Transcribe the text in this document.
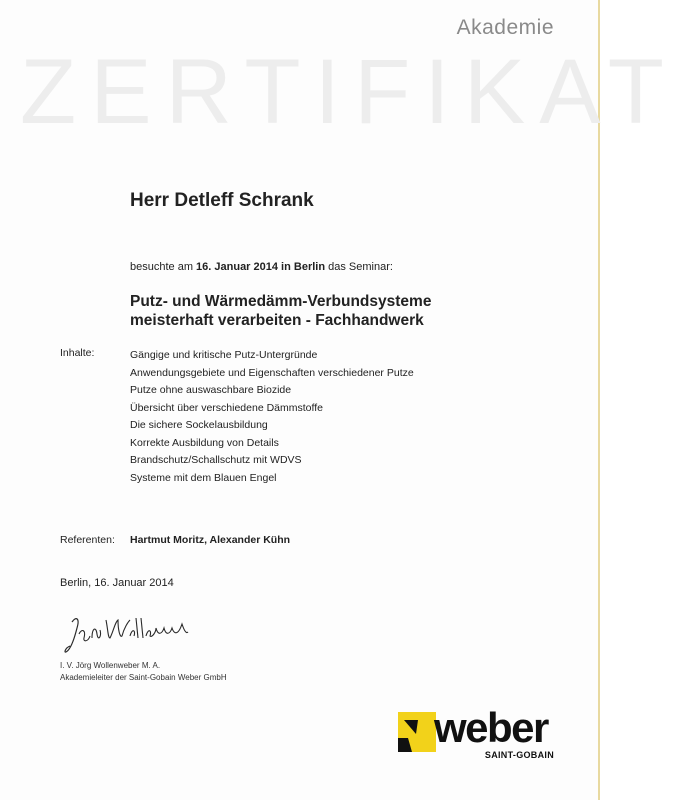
Akademie
ZERTIFIKAT
Herr Detleff Schrank
besuchte am 16. Januar 2014 in Berlin das Seminar:
Putz- und Wärmedämm-Verbundsysteme
meisterhaft verarbeiten - Fachhandwerk
Inhalte:	Gängige und kritische Putz-Untergründe
Anwendungsgebiete und Eigenschaften verschiedener Putze
Putze ohne auswaschbare Biozide
Übersicht über verschiedene Dämmstoffe
Die sichere Sockelausbildung
Korrekte Ausbildung von Details
Brandschutz/Schallschutz mit WDVS
Systeme mit dem Blauen Engel
Referenten: Hartmut Moritz, Alexander Kühn
Berlin, 16. Januar 2014
I. V. Jörg Wollenweber M. A.
Akademieleiter der Saint-Gobain Weber GmbH
weber
SAINT-GOBAIN
